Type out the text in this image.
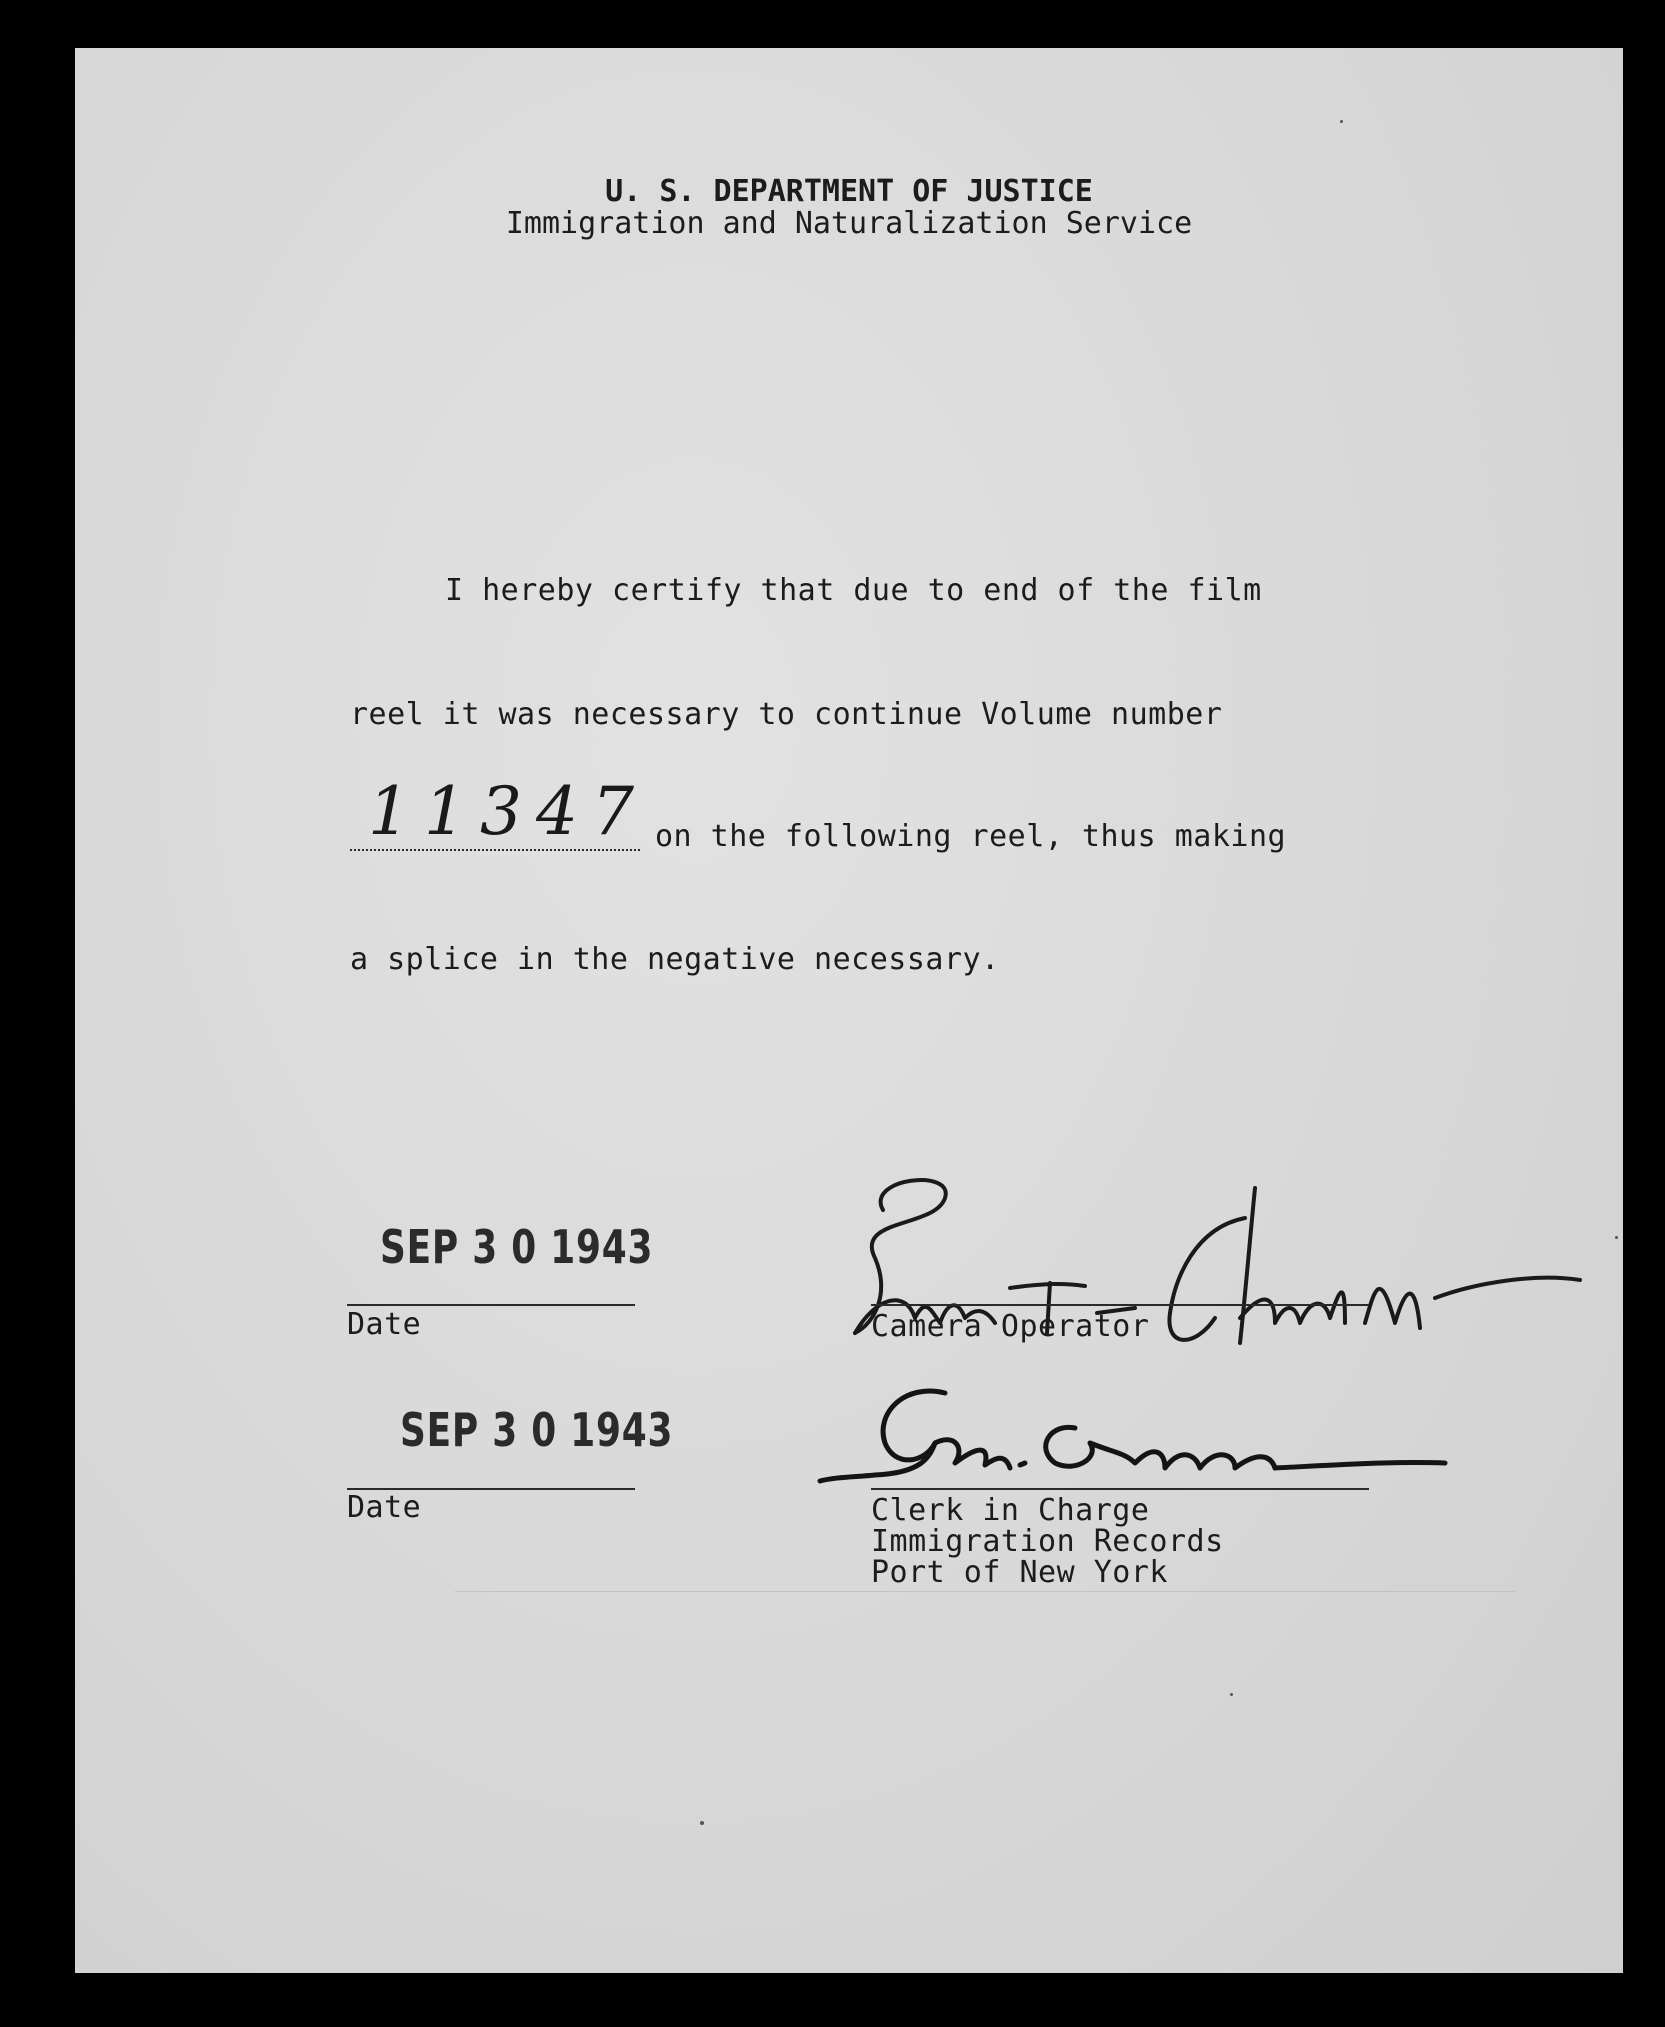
U. S. DEPARTMENT OF JUSTICE
Immigration and Naturalization Service
I hereby certify that due to end of the film
reel it was necessary to continue Volume number
11347 on the following reel, thus making
a splice in the negative necessary.
SEP 3 0 1943
Date	Camera Operator
SEP 3 0 1943
Date	Clerk in Charge
Immigration Records
Port of New York
